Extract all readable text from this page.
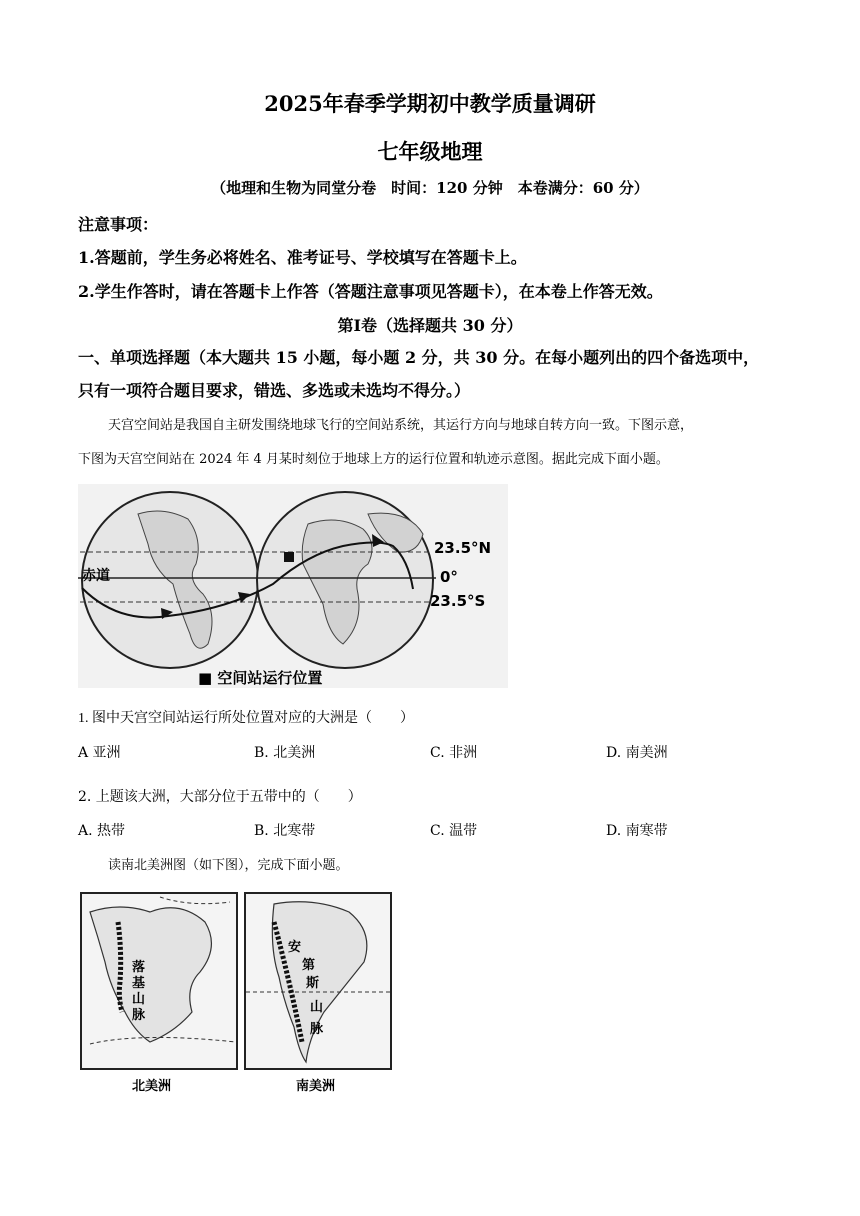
2025年春季学期初中教学质量调研
七年级地理
（地理和生物为同堂分卷　时间：120 分钟　本卷满分：60 分）
注意事项：
1.答题前，学生务必将姓名、准考证号、学校填写在答题卡上。
2.学生作答时，请在答题卡上作答（答题注意事项见答题卡），在本卷上作答无效。
第Ⅰ卷（选择题共 30 分）
一、单项选择题（本大题共 15 小题，每小题 2 分，共 30 分。在每小题列出的四个备选项中，
只有一项符合题目要求，错选、多选或未选均不得分。）
天宫空间站是我国自主研发围绕地球飞行的空间站系统，其运行方向与地球自转方向一致。下图示意，
下图为天宫空间站在 2024 年 4 月某时刻位于地球上方的运行位置和轨迹示意图。据此完成下面小题。
赤道
23.5°N
0°
23.5°S
■ 空间站运行位置
1. 图中天宫空间站运行所处位置对应的大洲是（　　）
A 亚洲	B. 北美洲	C. 非洲	D. 南美洲
2. 上题该大洲，大部分位于五带中的（　　）
A. 热带	B. 北寒带	C. 温带	D. 南寒带
读南北美洲图（如下图），完成下面小题。
落
基
山
脉
北美洲
安
第
斯
山
脉
南美洲
